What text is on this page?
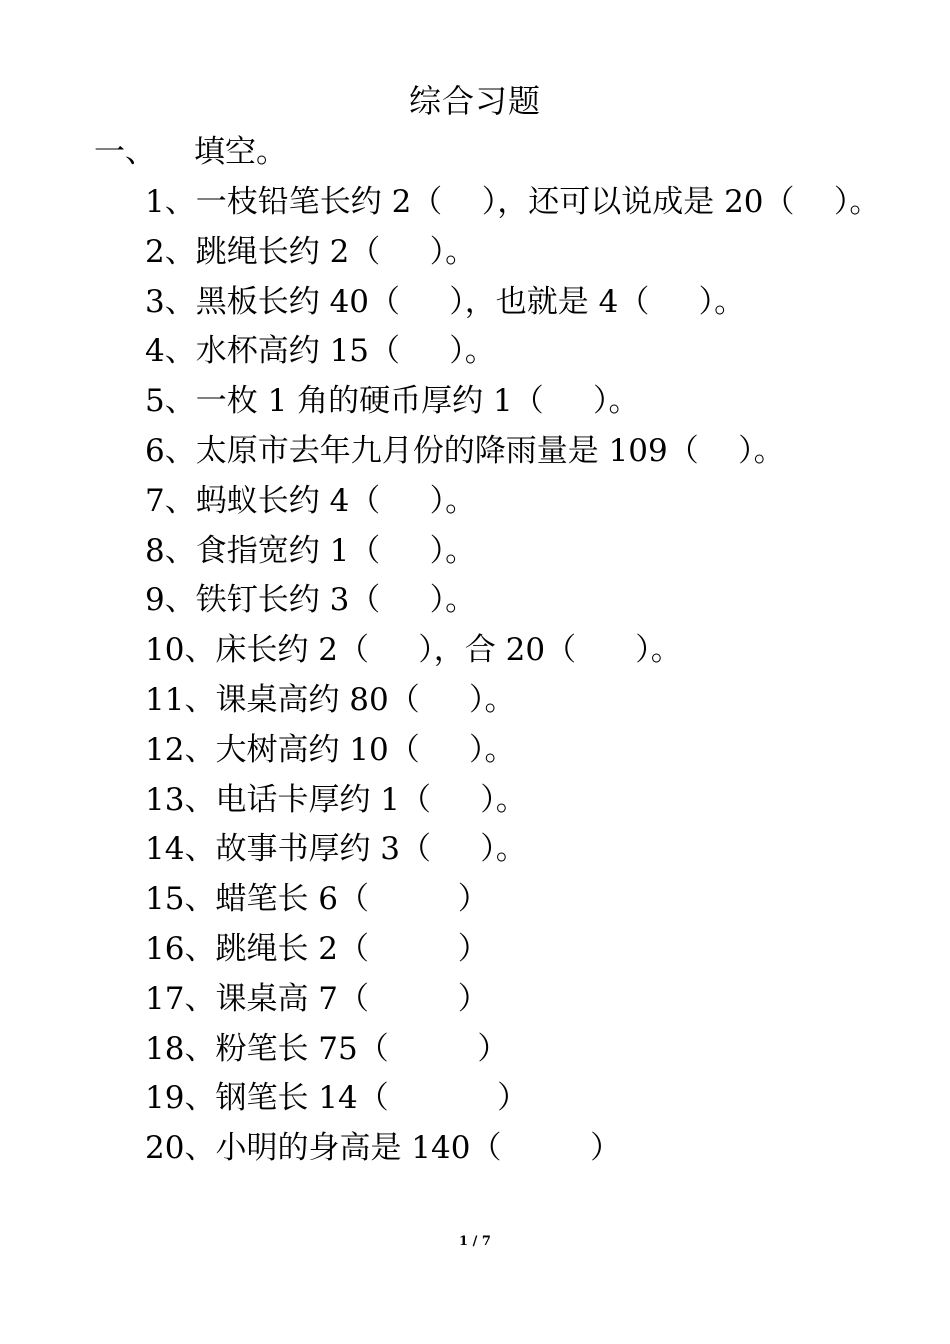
综合习题
一、 填空。
1、一枝铅笔长约 2（    ），还可以说成是 20（    ）。
2、跳绳长约 2（     ）。
3、黑板长约 40（     ），也就是 4（     ）。
4、水杯高约 15（     ）。
5、一枚 1 角的硬币厚约 1（     ）。
6、太原市去年九月份的降雨量是 109（    ）。
7、蚂蚁长约 4（     ）。
8、食指宽约 1（     ）。
9、铁钉长约 3（     ）。
10、床长约 2（     ），合 20（      ）。
11、课桌高约 80（     ）。
12、大树高约 10（     ）。
13、电话卡厚约 1（     ）。
14、故事书厚约 3（     ）。
15、蜡笔长 6（         ）
16、跳绳长 2（         ）
17、课桌高 7（         ）
18、粉笔长 75（         ）
19、钢笔长 14（           ）
20、小明的身高是 140（         ）
1 / 7
